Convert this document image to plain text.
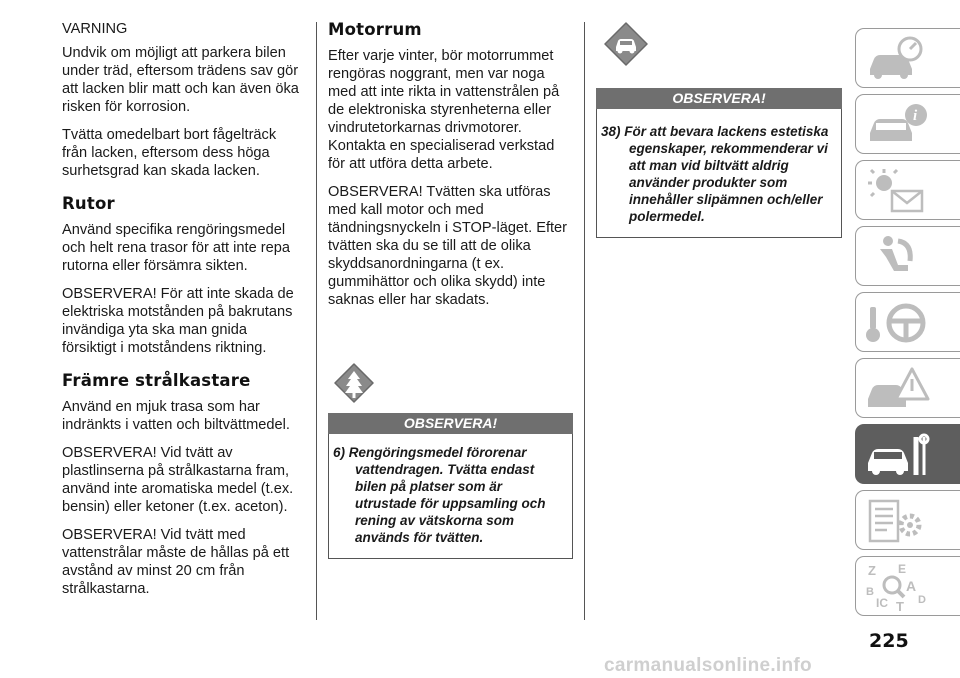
VARNING

Undvik om möjligt att parkera bilen under träd, eftersom trädens sav gör att lacken blir matt och kan även öka risken för korrosion.

Tvätta omedelbart bort fågelträck från lacken, eftersom dess höga surhetsgrad kan skada lacken.

Rutor

Använd specifika rengöringsmedel och helt rena trasor för att inte repa rutorna eller försämra sikten.

OBSERVERA! För att inte skada de elektriska motstånden på bakrutans invändiga yta ska man gnida försiktigt i motståndens riktning.

Främre strålkastare

Använd en mjuk trasa som har indränkts i vatten och biltvättmedel.

OBSERVERA! Vid tvätt av plastlinserna på strålkastarna fram, använd inte aromatiska medel (t.ex. bensin) eller ketoner (t.ex. aceton).

OBSERVERA! Vid tvätt med vattenstrålar måste de hållas på ett avstånd av minst 20 cm från strålkastarna.

Motorrum

Efter varje vinter, bör motorrummet rengöras noggrant, men var noga med att inte rikta in vattenstrålen på de elektroniska styrenheterna eller vindrutetorkarnas drivmotorer. Kontakta en specialiserad verkstad för att utföra detta arbete.

OBSERVERA! Tvätten ska utföras med kall motor och med tändningsnyckeln i STOP-läget. Efter tvätten ska du se till att de olika skyddsanordningarna (t ex. gummihättor och olika skydd) inte saknas eller har skadats.

OBSERVERA!
6) Rengöringsmedel förorenar vattendragen. Tvätta endast bilen på platser som är utrustade för uppsamling och rening av vätskorna som används för tvätten.
OBSERVERA!
38) För att bevara lackens estetiska egenskaper, rekommenderar vi att man vid biltvätt aldrig använder produkter som innehåller slipämnen och/eller polermedel.
i
Z E
B A
IC T D
225
carmanualsonline.info
